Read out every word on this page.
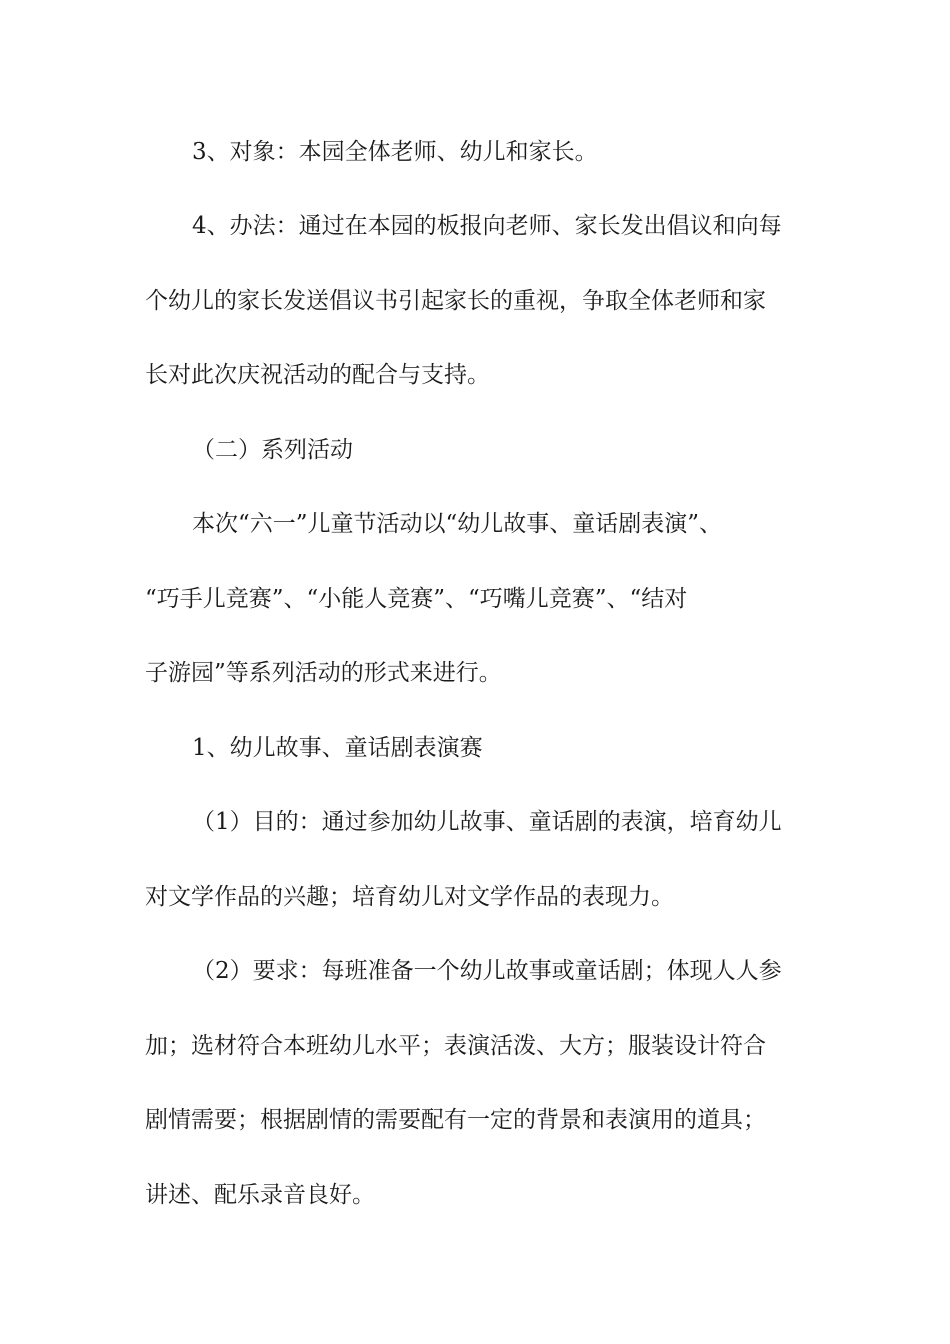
3、对象：本园全体老师、幼儿和家长。
4、办法：通过在本园的板报向老师、家长发出倡议和向每
个幼儿的家长发送倡议书引起家长的重视，争取全体老师和家
长对此次庆祝活动的配合与支持。
（二）系列活动
本次“六一”儿童节活动以“幼儿故事、童话剧表演”、
“巧手儿竞赛”、“小能人竞赛”、“巧嘴儿竞赛”、“结对
子游园”等系列活动的形式来进行。
1、幼儿故事、童话剧表演赛
（1）目的：通过参加幼儿故事、童话剧的表演，培育幼儿
对文学作品的兴趣；培育幼儿对文学作品的表现力。
（2）要求：每班准备一个幼儿故事或童话剧；体现人人参
加；选材符合本班幼儿水平；表演活泼、大方；服装设计符合
剧情需要；根据剧情的需要配有一定的背景和表演用的道具；
讲述、配乐录音良好。
